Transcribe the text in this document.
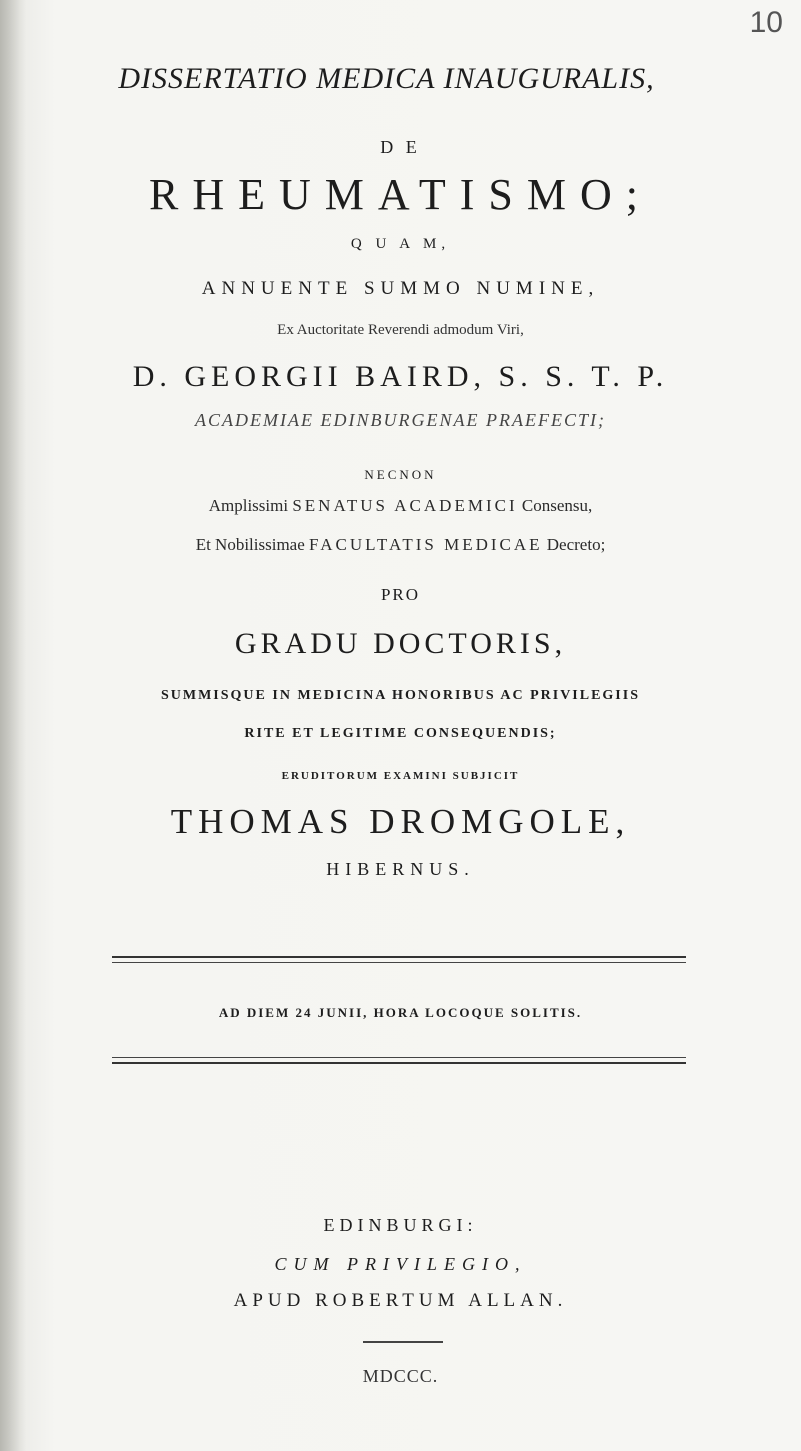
10
DISSERTATIO MEDICA INAUGURALIS,
D E
RHEUMATISMO;
Q U A M,
ANNUENTE SUMMO NUMINE,
Ex Auctoritate Reverendi admodum Viri,
D. GEORGII BAIRD, S. S. T. P.
ACADEMIAE EDINBURGENAE PRAEFECTI;
NECNON
Amplissimi SENATUS ACADEMICI Consensu,
Et Nobilissimae FACULTATIS MEDICAE Decreto;
PRO
GRADU DOCTORIS,
SUMMISQUE IN MEDICINA HONORIBUS AC PRIVILEGIIS
RITE ET LEGITIME CONSEQUENDIS;
ERUDITORUM EXAMINI SUBJICIT
THOMAS DROMGOLE,
HIBERNUS.
AD DIEM 24 JUNII, HORA LOCOQUE SOLITIS.
EDINBURGI:
CUM PRIVILEGIO,
APUD ROBERTUM ALLAN.
MDCCC.
